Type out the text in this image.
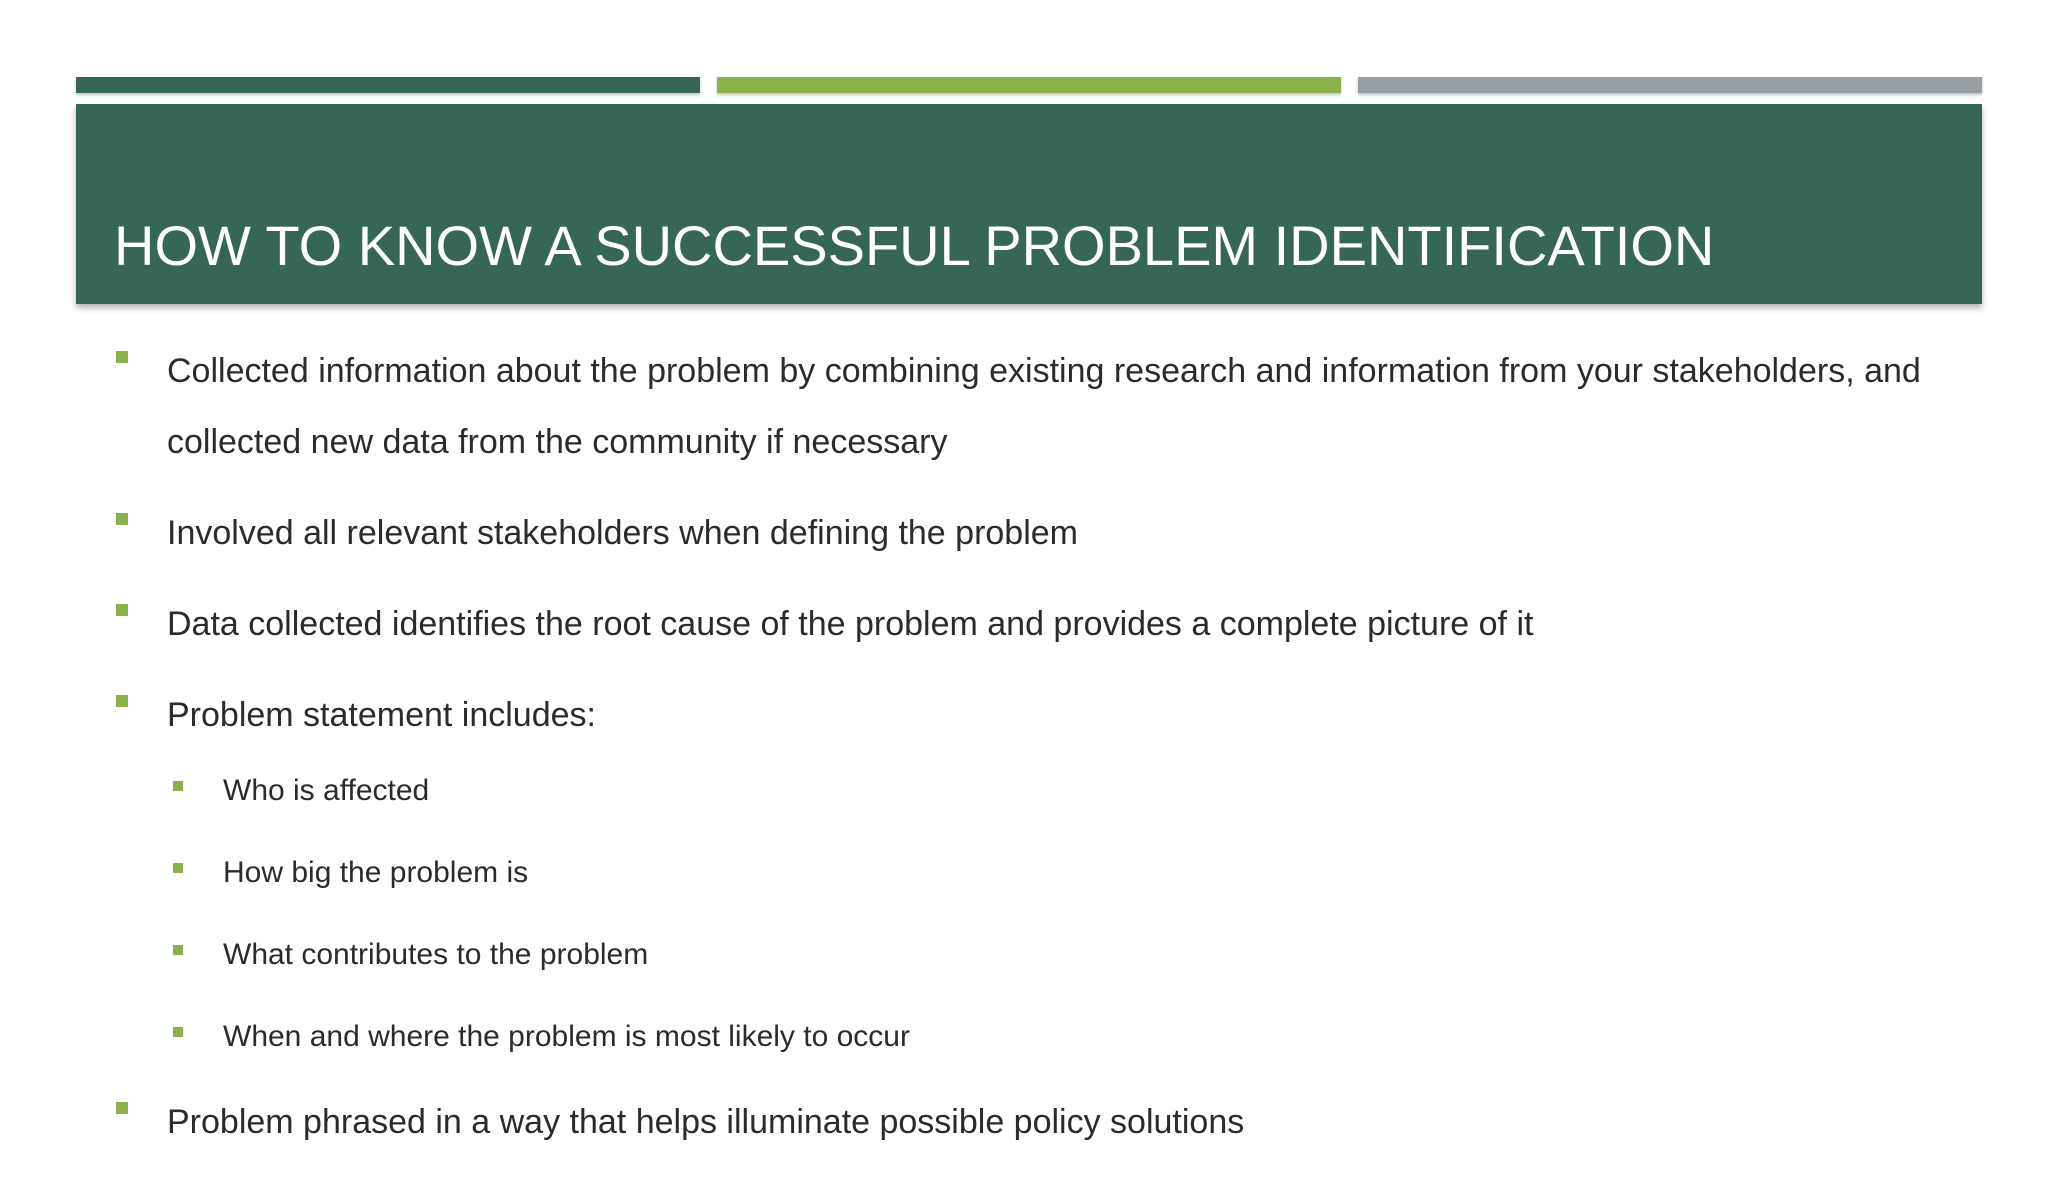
HOW TO KNOW A SUCCESSFUL PROBLEM IDENTIFICATION
Collected information about the problem by combining existing research and information from your stakeholders, and collected new data from the community if necessary
Involved all relevant stakeholders when defining the problem
Data collected identifies the root cause of the problem and provides a complete picture of it
Problem statement includes:
Who is affected
How big the problem is
What contributes to the problem
When and where the problem is most likely to occur
Problem phrased in a way that helps illuminate possible policy solutions
